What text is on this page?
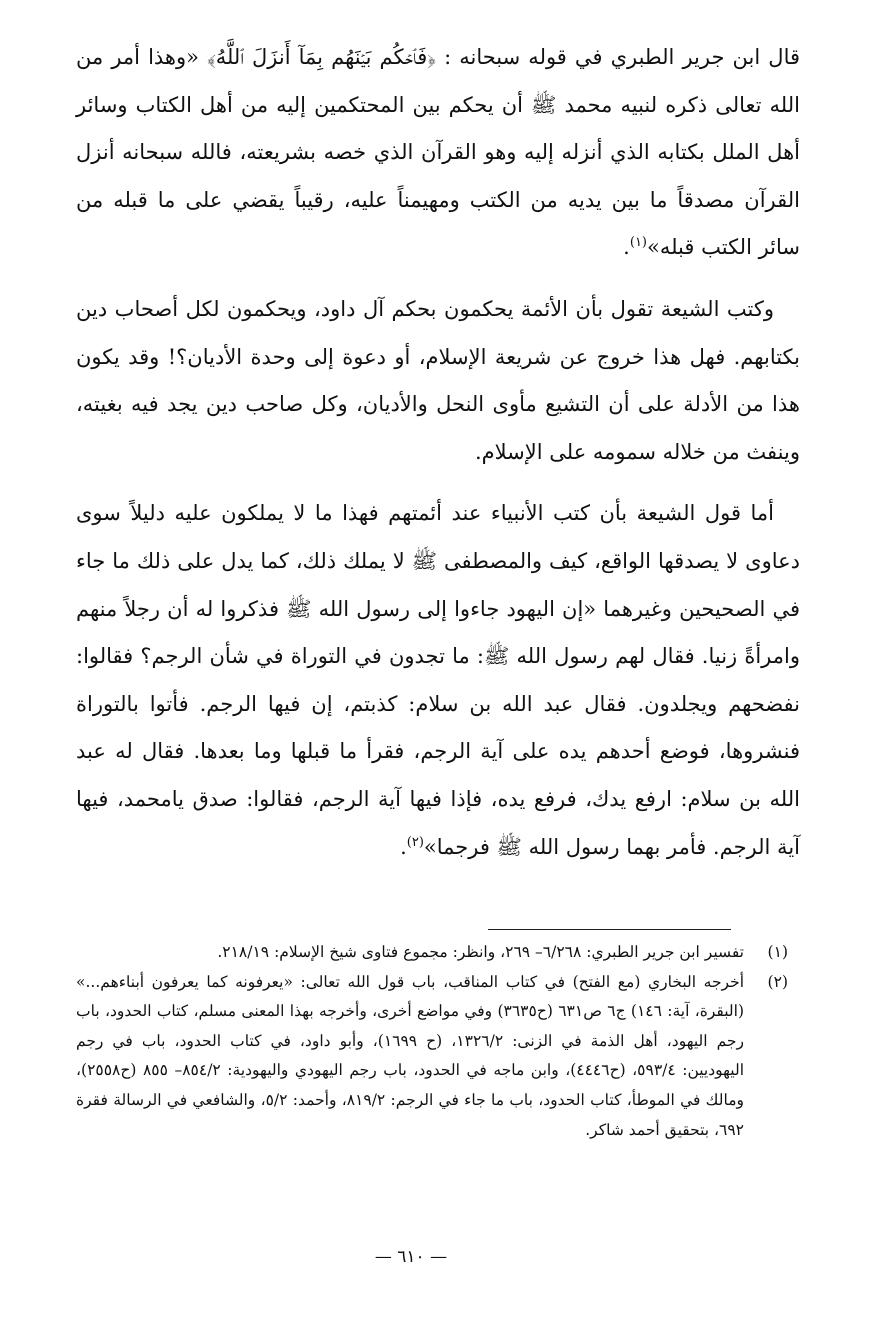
قال ابن جرير الطبري في قوله سبحانه : ﴿فَٱحۡكُم بَيۡنَهُم بِمَآ أَنزَلَ ٱللَّهُ﴾ «وهذا أمر من الله تعالى ذكره لنبيه محمد ﷺ أن يحكم بين المحتكمين إليه من أهل الكتاب وسائر أهل الملل بكتابه الذي أنزله إليه وهو القرآن الذي خصه بشريعته، فالله سبحانه أنزل القرآن مصدقاً ما بين يديه من الكتب ومهيمناً عليه، رقيباً يقضي على ما قبله من سائر الكتب قبله»$^{(١)}$.

وكتب الشيعة تقول بأن الأئمة يحكمون بحكم آل داود، ويحكمون لكل أصحاب دين بكتابهم. فهل هذا خروج عن شريعة الإسلام، أو دعوة إلى وحدة الأديان؟! وقد يكون هذا من الأدلة على أن التشيع مأوى النحل والأديان، وكل صاحب دين يجد فيه بغيته، وينفث من خلاله سمومه على الإسلام.

أما قول الشيعة بأن كتب الأنبياء عند أئمتهم فهذا ما لا يملكون عليه دليلاً سوى دعاوى لا يصدقها الواقع، كيف والمصطفى ﷺ لا يملك ذلك، كما يدل على ذلك ما جاء في الصحيحين وغيرهما «إن اليهود جاءوا إلى رسول الله ﷺ فذكروا له أن رجلاً منهم وامرأةً زنيا. فقال لهم رسول الله ﷺ: ما تجدون في التوراة في شأن الرجم؟ فقالوا: نفضحهم ويجلدون. فقال عبد الله بن سلام: كذبتم، إن فيها الرجم. فأتوا بالتوراة فنشروها، فوضع أحدهم يده على آية الرجم، فقرأ ما قبلها وما بعدها. فقال له عبد الله بن سلام: ارفع يدك، فرفع يده، فإذا فيها آية الرجم، فقالوا: صدق يامحمد، فيها آية الرجم. فأمر بهما رسول الله ﷺ فرجما»$^{(٢)}$.

(١)
تفسير ابن جرير الطبري: ٦/٢٦٨– ٢٦٩، وانظر: مجموع فتاوى شيخ الإسلام: ٢١٨/١٩.
(٢)
أخرجه البخاري (مع الفتح) في كتاب المناقب، باب قول الله تعالى: «يعرفونه كما يعرفون أبناءهم...» (البقرة، آية: ١٤٦) ج٦ ص٦٣١ (ح٣٦٣٥) وفي مواضع أخرى، وأخرجه بهذا المعنى مسلم، كتاب الحدود، باب رجم اليهود، أهل الذمة في الزنى: ١٣٢٦/٢، (ح ١٦٩٩)، وأبو داود، في كتاب الحدود، باب في رجم اليهوديين: ٥٩٣/٤، (ح٤٤٤٦)، وابن ماجه في الحدود، باب رجم اليهودي واليهودية: ٨٥٤/٢– ٨٥٥ (ح٢٥٥٨)، ومالك في الموطأ، كتاب الحدود، باب ما جاء في الرجم: ٨١٩/٢، وأحمد: ٥/٢، والشافعي في الرسالة فقرة ٦٩٢، بتحقيق أحمد شاكر.
— ٦١٠ —
